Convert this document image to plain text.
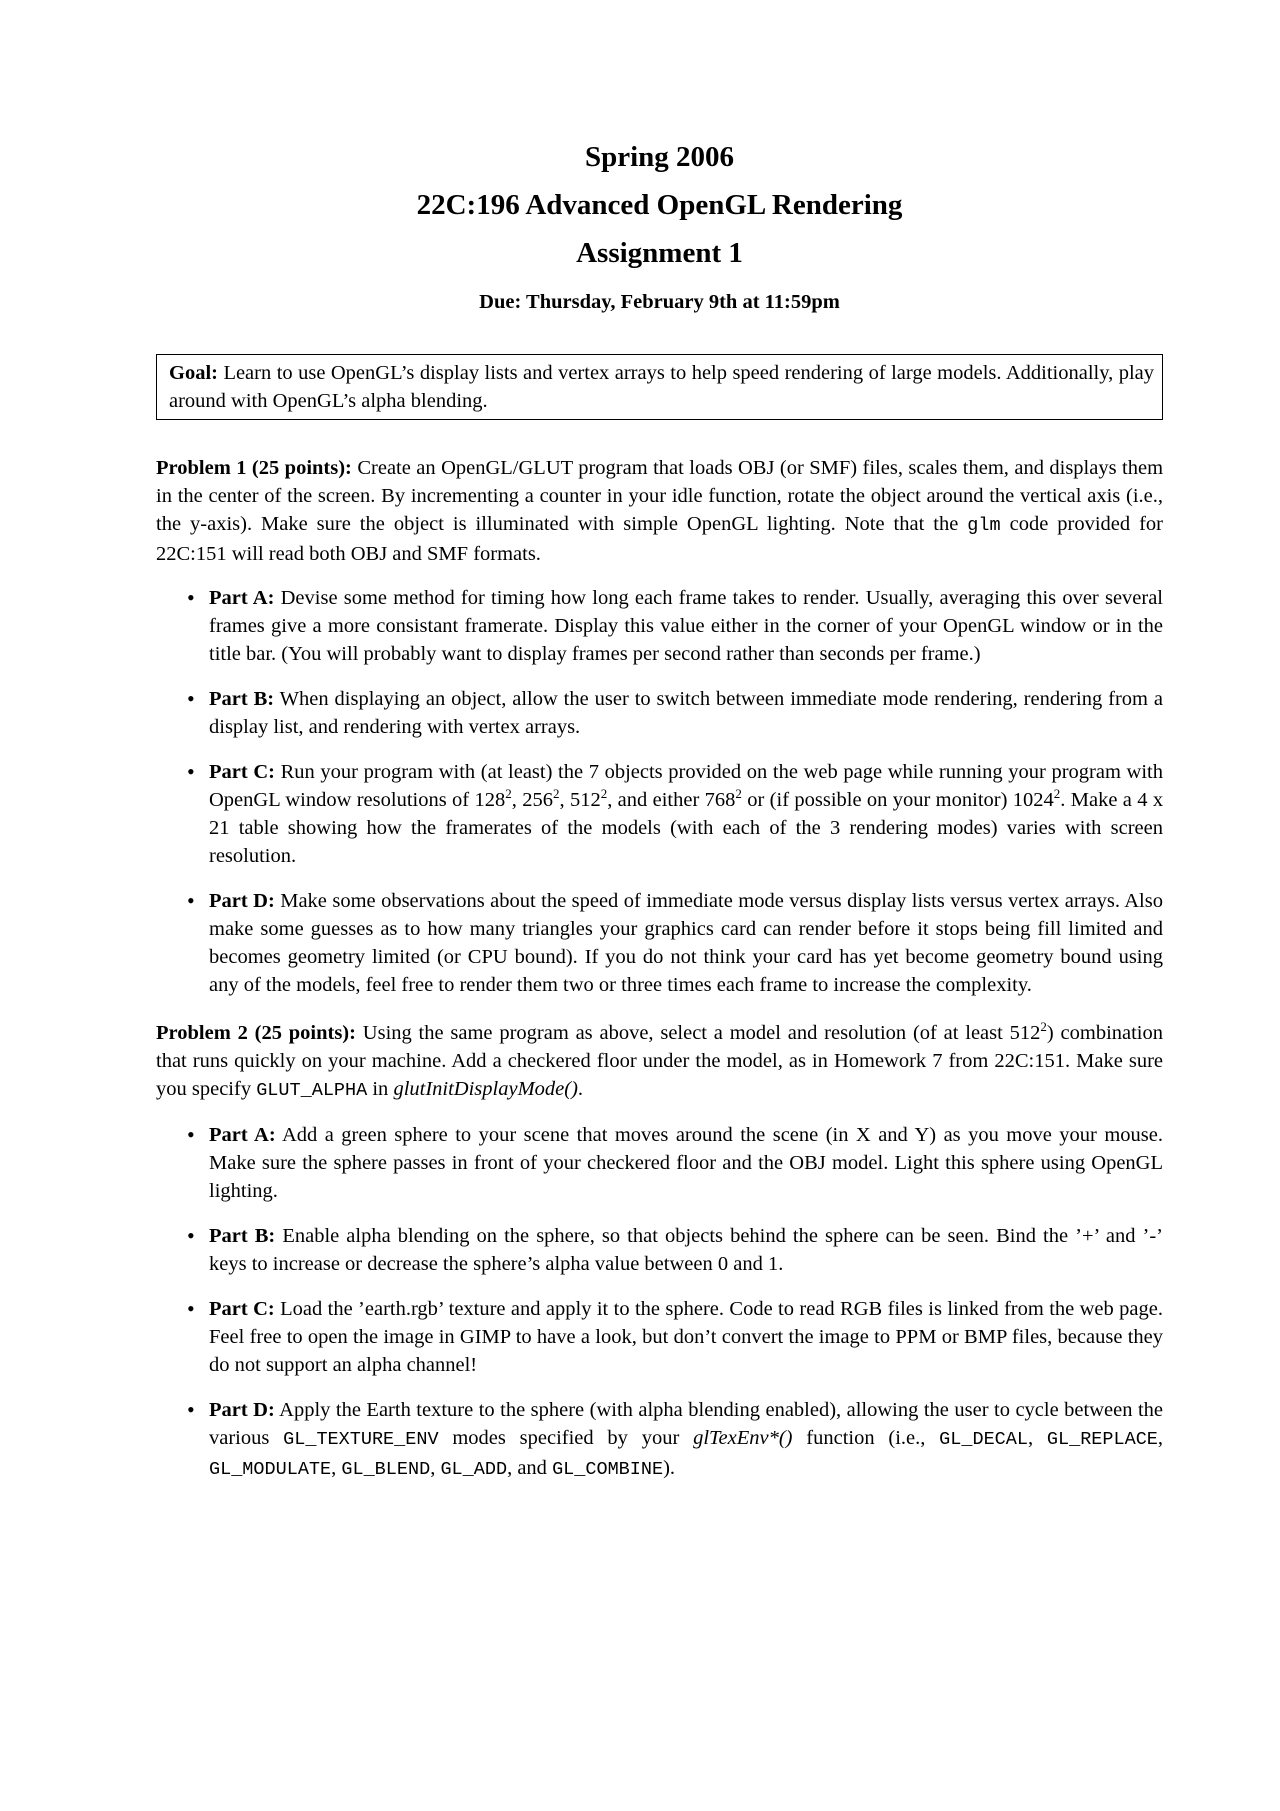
Spring 2006
22C:196 Advanced OpenGL Rendering
Assignment 1
Due: Thursday, February 9th at 11:59pm
Goal: Learn to use OpenGL’s display lists and vertex arrays to help speed rendering of large models. Additionally, play around with OpenGL’s alpha blending.
Problem 1 (25 points): Create an OpenGL/GLUT program that loads OBJ (or SMF) files, scales them, and displays them in the center of the screen. By incrementing a counter in your idle function, rotate the object around the vertical axis (i.e., the y-axis). Make sure the object is illuminated with simple OpenGL lighting. Note that the glm code provided for 22C:151 will read both OBJ and SMF formats.
• Part A: Devise some method for timing how long each frame takes to render. Usually, averaging this over several frames give a more consistant framerate. Display this value either in the corner of your OpenGL window or in the title bar. (You will probably want to display frames per second rather than seconds per frame.)
• Part B: When displaying an object, allow the user to switch between immediate mode rendering, rendering from a display list, and rendering with vertex arrays.
• Part C: Run your program with (at least) the 7 objects provided on the web page while running your program with OpenGL window resolutions of $128^2$, $256^2$, $512^2$, and either $768^2$ or (if possible on your monitor) 1024$^2$. Make a 4 x 21 table showing how the framerates of the models (with each of the 3 rendering modes) varies with screen resolution.
• Part D: Make some observations about the speed of immediate mode versus display lists versus vertex arrays. Also make some guesses as to how many triangles your graphics card can render before it stops being fill limited and becomes geometry limited (or CPU bound). If you do not think your card has yet become geometry bound using any of the models, feel free to render them two or three times each frame to increase the complexity.
Problem 2 (25 points): Using the same program as above, select a model and resolution (of at least $512^2$) combination that runs quickly on your machine. Add a checkered floor under the model, as in Homework 7 from 22C:151. Make sure you specify GLUT_ALPHA in glutInitDisplayMode().
• Part A: Add a green sphere to your scene that moves around the scene (in X and Y) as you move your mouse. Make sure the sphere passes in front of your checkered floor and the OBJ model. Light this sphere using OpenGL lighting.
• Part B: Enable alpha blending on the sphere, so that objects behind the sphere can be seen. Bind the ’+’ and ’-’ keys to increase or decrease the sphere’s alpha value between 0 and 1.
• Part C: Load the ’earth.rgb’ texture and apply it to the sphere. Code to read RGB files is linked from the web page. Feel free to open the image in GIMP to have a look, but don’t convert the image to PPM or BMP files, because they do not support an alpha channel!
• Part D: Apply the Earth texture to the sphere (with alpha blending enabled), allowing the user to cycle between the various GL_TEXTURE_ENV modes specified by your glTexEnv*() function (i.e., GL_DECAL, GL_REPLACE, GL_MODULATE, GL_BLEND, GL_ADD, and GL_COMBINE).
